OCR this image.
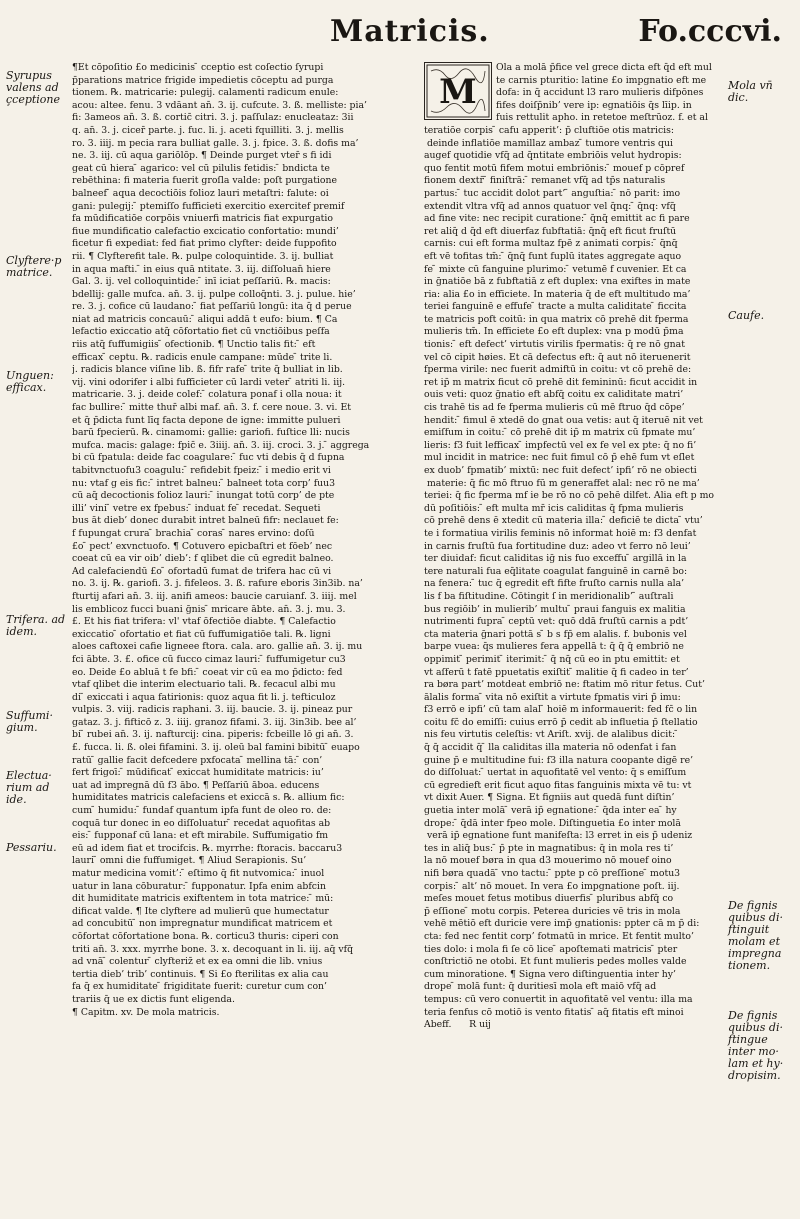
Matricis.	Fo.cccvi.
Syrupus valens ad çceptione
Clyftere·p matrice.
Unguen: efficax.
Trifera. ad idem.
Suffumi· gium.
Electua· rium ad ide.
Pessariu.
Mola vn̄ dic.
Caufe.
De fignis quibus di· ftinguit molam et impregna tionem.
De fignis quibus di· ftingue inter mo· lam et hy· dropisim.
¶Et cōpoſitio £o medicinis ̄ cceptio est coſectio ſyrupi
p̄parations matrice frigide impedietis cōceptu ad purga
tionem. ℞. matricarie: pulegij. calamenti radicum enule:
acou: altee. fenu. 3 vdāant an̄. 3. ij. cufcute. 3. ß. melliste: pia’
fi: 3ameos an̄. 3. ß. cortic̄ citri. 3. j. paſſulaz: enucleataz: 3ii
q. an̄. 3. j. cicer̄ parte. j. fuc. li. j. aceti fquilliti. 3. j. mellis
ro. 3. iiij. m pecia rara bulliat galle. 3. j. fpice. 3. ß. dofis ma’
ne. 3. iij. cū aqua gariōlōp. ¶ Deinde purget vter̄ s fi idi
geat cū hiera ̄ agarico: vel cū pilulis fetidis: ̄ b̄ndicta te
rebēthina: fi materia fuerit groſla valde: poſt purgatione
balneef ̄ aqua decoctiōis folioz lauri metaſtri: falute: oi
gani: pulegij: ̄ ptemiſſo fufficieti exercitio exercitef premif
fa mūdificatiōe corpōis vniuerfi matricis fiat expurgatio
fiue mundificatio calefactio excicatio confortatio: mundi’
ficetur fi expediat: fed fiat primo clyfter: deide fuppofito
rii. ¶ Clyfterefit tale. ℞. pulpe coloquintide. 3. ij. bulliat
in aqua mafti. ̄ in eius quā ntitate. 3. iij. diſſoluan̄ hiere
Gal. 3. ij. vel colloquintide: ̄ inī iciat peſſariū. ℞. macis:
bdellij: galle mufca. an̄. 3. ij. pulpe colloq̄nti. 3. j. pulue. hie’
re. 3. j. cofice cū laudano: ̄ fiat peſſariū longū: ita q̄ d perue
niat ad matricis concauū: ̄ aliqui addā t eufo: bium. ¶ Ca
lefactio exiccatio atq̄ cōfortatio fiet cū vnctiōibus peſfa
riis atq̄ fuffumigiis ̄ ofectionib̄. ¶ Unctio talis fit: ̄ eft
efficax ̄ ceptu. ℞. radicis enule campane: mūde ̄ trite li.
j. radicis blance viſine lib. ß. fifr rafe ̄ trite q̄ bulliat in lib.
vij. vini odorifer i albi fufficieter cū lardi veter ̄ atriti li. iij.
matricarie. 3. j. deide colef: ̄ colatura ponaf i olla noua: it
fac bullire: ̄ mitte thur̄ albi maf. an̄. 3. f. cere noue. 3. vi. Et
et q̄ p̄dicta funt līq facta depone de igne: immitte pulueri
barū fpecierū. ℞. cinamomi: gallie: gariofi. fuſtice lli: nucis
mufca. macis: galage: fpic̄ e. 3iiij. an̄. 3. iij. croci. 3. j. ̄ aggrega
bi cū fpatula: deide fac coagulare: ̄ fuc vti debis q̄ d fupna
tabitvnctuofu3 coagulu: ̄ refidebit fpeiz: ̄ i medio erit vi
nu: vtaf g eis fic: ̄ intret balneu: ̄ balneet tota corp’ fuu3
cū aq̄ decoctionis folioz lauri: ̄ inungat totū corp’ de pte
illi’ vini ̄ vetre ex fpebus: ̄ induat fe ̄ recedat. Sequeti
bus āt dieb’ donec durabit intret balneū fifr: neclauet fe:
f̄ fupungat crura ̄ brachia ̄ coras ̄ nares ervino: doſū
£o ̄ pect’ exvnctuofo. ¶ Cotuvero epicbaſtri et fōeb’ nec
coeat cū ea vir oib’ dieb’: f̄ qlibet die cū egredit̄ balneo.
Ad calefaciendū £o ̄ ofortadū fumat de trifera hac cū vi
no. 3. ij. ℞. gariofi. 3. j. fifeleos. 3. ß. rafure eboris 3in3ib. na’
fturtij afari an̄. 3. iij. anifi ameos: baucie caruianf. 3. iiij. mel
lis emblicoz fucci b̄uani ḡnis ̄ mricare ābte. an̄. 3. j. mu. 3.
£. Et his fiat trifera: vl' vtaf ōfectiōe diabte. ¶ Calefactio
exiccatio ̄ ofortatio et fiat cū fuffumigatiōe tali. ℞. ligni
aloes caftoxei cafie ligneee ftora. cala. aro. gallie an̄. 3. ij. mu
fci ābte. 3. £. ofice cū fucco cimaz lauri: ̄ fuffumigetur cu3
eo. Deide £o abluā t fe bfi: ̄ coeat vir cū ea mo p̄dicto: fed
vtaf qlibet die interim electuario tali. ℞. fecacul albi mu
di ̄ exiccati i aqua fatirionis: quoz aqua fit li. j. tefticuloz
vulpis. 3. viij. radicis raphani. 3. iij. baucie. 3. ij. pineaz pur
gataz. 3. j. fifticō z. 3. iiij. granoz fifami. 3. iij. 3in3ib. bee al’
bi ̄ rubei an̄. 3. ij. nafturcij: cina. piperis: fcbeille lō gi an̄. 3.
£. fucca. li. ß. olei fifamini. 3. ij. oleū bal famini bibitū ̄ euapo
ratū ̄ gallie facit defcedere pxfocata ̄ mellina tā: ̄ con’
fert frigoī: ̄ mūdificat ̄ exiccat humiditate matricis: iu’
uat ad impregnā dū f3 ābo. ¶ Peſſariū āboa. educens
humiditates matricis calefaciens et exiccā s. ℞. allium fic:
cum ̄ humidu: ̄ fundaf quantum ipfa funt de oleo ro. de:
coquā tur donec in eo diſſoluatur ̄ recedat aquofitas ab
eis: ̄ fupponaf cū lana: et eft mirabile. Suffumigatio fm
eū ad idem fiat et trocifcis. ℞. myrrhe: ftoracis. baccaru3
lauri ̄ omni die fuffumiget. ¶ Aliud Serapionis. Su’
matur medicina vomit’: ̄ eſtimo q̄ fit nutvomica: ̄ inuol
uatur in lana cōburatur: ̄ fupponatur. Ipfa enim abfcin
dit humiditate matricis exiftentem in tota matrice: ̄ mū:
dificat valde. ¶ Ite clyftere ad mulierū que humectatur
ad concubitū ̄ non impregnatur mundificat matricem et
cōfortat cōfortatione bona. ℞. corticu3 thuris: ciperi con
triti an̄. 3. xxx. myrrhe bone. 3. x. decoquant̄ in li. iij. aq̄ vfq̄
ad vnā ̄ colentur ̄ clyfteriz̄ et ex ea omni die lib. vnius
tertia dieb’ trib’ continuis. ¶ Si £o fterilitas ex alia cau
fa q̄ ex humiditate ̄ frigiditate fuerit: curetur cum con’
trariis q̄ ue ex dictis funt eligenda.
¶ Capitm. xv. De mola matricis.
M
Ola a molā p̄fice vel grece dicta eft q̄d eft mul
te carnis pturitio: latine £o impgnatio eft me
dofa: in q̄ accidunt l3 raro mulieris difpōnes
fifes doiſp̄nib’ vere ip: egnatiōis q̄s līip. in
fuis rettulit apho. in retetoe meſtrūoz. f. et al
teratiōe corpis ̄ cafu apperit’: p̄ cluftiōe otis matricis:
̄ deinde inflatiōe mamillaz ambaz ̄ tumore ventris qui
augef quotidie vfq̄ ad q̄ntitate embriōis velut hydropis:
quo fentit motū fifem motui embriōnis: ̄ mouef p cōpref
fionem dextr̄ ̄ finiſtrā: ̄ remanet vfq̄ ad tp̄s naturalis
partus: ̄ tuc accidit dolot part’ ̄ anguſtia: ̄ nō parit: imo
extendit vltra vfq̄ ad annos quatuor vel q̄nq: ̄ q̄nq: vfq̄
ad fine vite: nec recipit curatione: ̄ q̄nq̄ emittit ac fi pare
ret aliq̄ d q̄d eft diuerfaz fubftatiā: q̄nq̄ eft ficut fruſtū
carnis: cui eft forma multaz fpē z animati corpis: ̄ q̄nq̄
eft vē tofitas tm̄: ̄ q̄nq̄ funt fuplū itates aggregate aquo
fe ̄ mixte cū fanguine plurimo: ̄ vetumē f cuvenier. Et ca
in ḡnatiōe bā z fubftatiā z eft duplex: vna exiftes in mate
ria: alia £o in efficiete. In materia q̄ de eft multitudo ma’
teriei fanguinē e effufe ̄ tracte a multa caliditate ̄ ficcita
te matricis poft coitū: in qua matrix cō prehē dit fperma
mulieris tm̄. In efficiete £o eft duplex: vna p modū p̄ma
tionis: ̄ eft defect’ virtutis virilis fpermatis: q̄ re nō gnat
vel cō cipit høies. Et cā defectus eft: q̄ aut nō iteruenerit
fperma virile: nec fuerit admiftū in coitu: vt cō prehē de:
ret ip̄ m matrix ficut cō prehē dit femininū: ficut accidit in
ouis veti: quoz ḡnatio eft abfq̄ coitu ex caliditate matri’
cis trahē tis ad fe fperma mulieris cū mē ftruo q̄d cōpe’
hendit: ̄ fimul ē xtedē do gnat oua vetis: aut q̄ iteruē nit vet
emiſfum in coitu: ̄ cō prehē dit ip̄ m matrix cū fpmate mu’
lieris: f3 fuit lefficax ̄ impfectū vel ex fe vel ex pte: q̄ no fi’
mul incidit in matrice: nec fuit fimul cō p̄ ehē fum vt eſlet
ex duob’ fpmatib’ mixtū: nec fuit defect’ ipfi’ rō ne obiecti
̄ materie: q̄ fic mō ftruo fū m generaffet alal: nec rō ne ma’
teriei: q̄ fic fperma mf ie be rō no cō pehē dilfet. Alia eft p mo
dū poſitiōis: ̄ eft multa mr̄ icis caliditas q̄ fpma mulieris
cō prehē dens ē xtedit cū materia illa: ̄ deficiē te dicta ̄ vtu’
te i formatiua virilis feminis nō informat hoiē m: f3 denfat
in carnis fruſtū fua fortitudine duz: adeo vt ferro nō leui’
ter diuidaf: ficut caliditas iḡ nis fuo exceffu ̄ argillā in la
tere naturali fua eq̄litate coagulat fanguinē in carnē bo:
na fenera: ̄ tuc q̄ egredit eft fifte fruſto carnis nulla ala’
lis f̄ ba fiſtitudine. Cōtingit ſ̄ in meridionalib’ ̄ auſtrali
bus regiōib’ in mulierib’ multu ̄ praui fanguis ex malitia
nutrimenti fupra ̄ ceptū vet: quō ddā fruſtū carnis a pdt’
cta materia ḡnari pottā s ̄ b̄ s fp̄ em alalis. f. bubonis vel
barpe vuea: q̄s mulieres fera appellā t: q̄ q̄ q̄ embriō ne
oppimit ̄ perimit ̄ iterimit: ̄ q̄ nq̄ cū eo in ptu emittit: et
vt aſferū t fatē ppuetatis exiſtit ̄ malitie q̄ fi cadeo in ter’
ra børa part’ motdeat embriō ne: ftatim mō ritur fetus. Cut’
ālalis forma ̄ vita nō exiſtit a virtute fpmatis viri p̄ imu:
f3 errō e ipfi’ cū tam alal ̄ hoiē m informauerit: fed fc̄ o lin
coitu fc̄ do emiſſi: cuius errō p̄ cedit ab influetia p̄ ſtellatio
nis feu virtutis celeſtis: vt Ariſt. xvij. de alalibus dicit: ̄
q̄ q̄ accidit q̄ ̄ lla caliditas illa materia nō odenfat i fan
guine p̄ e multitudine fui: f3 illa natura coopante digē re’
do diſſoluat: ̄ uertat in aquofitatē vel vento: q̄ s emiſſum
cū egredieft erit ficut aquo fitas fanguinis mixta vē tu: vt
vt dixit Auer. ¶ Signa. Et figniis aut quedā funt diſtin’
guetia inter molā ̄ verā ip̄ egnatione: ̄ q̄da inter ea ̄ hy
drope: ̄ q̄dā inter fpeo mole. Diſtinguetia £o inter molā
̄ verā ip̄ egnatione funt manifeſta: l3 erret in eis p̄ udeniz
tes in aliq̄ bus: ̄ p̄ pte in magnatibus: q̄ in mola res ti’
la nō mouef børa in qua d3 mouerimo nō mouef oino
nifi børa quadā ̄ vno tactu: ̄ ppte p cō preſſione ̄ motu3
corpis: ̄ alt’ nō mouet. In vera £o impgnatione poſt. iij.
meſes mouet fetus motibus diuerfis ̄ pluribus abfq̄ co
p̄ eſſione ̄ motu corpis. Peterea duricies vē tris in mola
vehē mētiō eft duricie vere imp̄ gnationis: ppter cā m p̄ di:
cta: fed nec fentit corp’ fotmatū in mrice. Et fentit multo’
ties dolo: i mola fi ſe cō lice ̄ apoſtemati matricis ̄ pter
conſtrictiō ne otobi. Et funt mulieris pedes molles valde
cum minoratione. ¶ Signa vero diſtinguentia inter hy’
drope ̄ molā funt: q̄ duritiesī mola eft maiō vfq̄ ad
tempus: cū vero conuertit in aquofitatē vel ventu: illa ma
teria fenfus cō motiō is vento fitatis ̄ aq̄ fitatis eft minoi
Abeff.      R uij
